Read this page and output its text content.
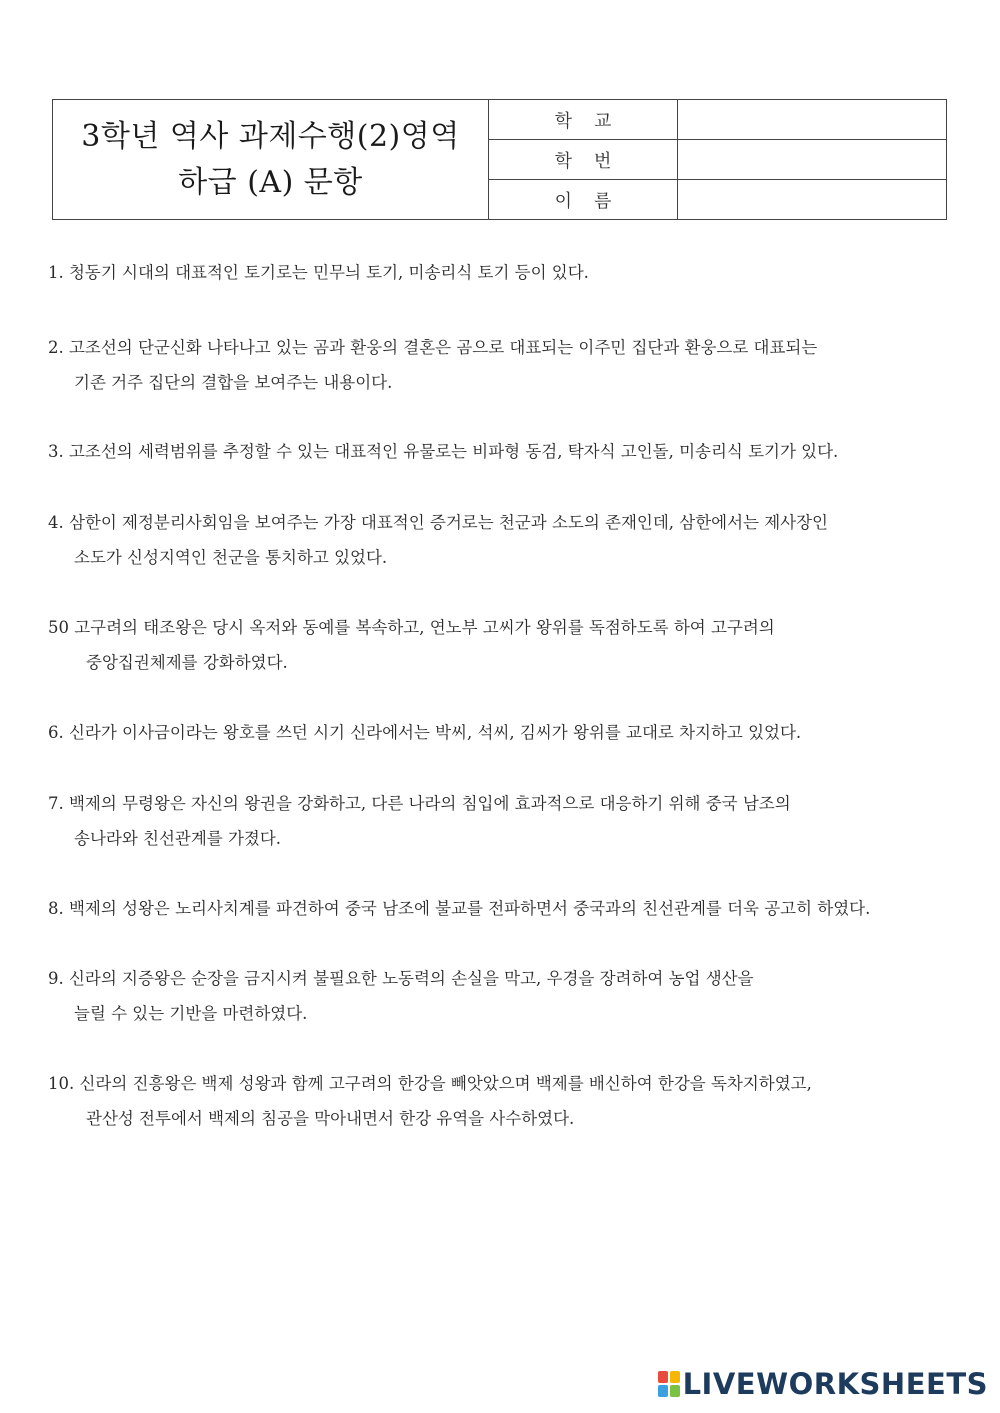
3학년 역사 과제수행(2)영역
하급 (A) 문항
학교
학번
이름
1. 청동기 시대의 대표적인 토기로는 민무늬 토기, 미송리식 토기 등이 있다.
2. 고조선의 단군신화 나타나고 있는 곰과 환웅의 결혼은 곰으로 대표되는 이주민 집단과 환웅으로 대표되는
기존 거주 집단의 결합을 보여주는 내용이다.
3. 고조선의 세력범위를 추정할 수 있는 대표적인 유물로는 비파형 동검, 탁자식 고인돌, 미송리식 토기가 있다.
4. 삼한이 제정분리사회임을 보여주는 가장 대표적인 증거로는 천군과 소도의 존재인데, 삼한에서는 제사장인
소도가 신성지역인 천군을 통치하고 있었다.
50 고구려의 태조왕은 당시 옥저와 동예를 복속하고, 연노부 고씨가 왕위를 독점하도록 하여 고구려의
중앙집권체제를 강화하였다.
6. 신라가 이사금이라는 왕호를 쓰던 시기 신라에서는 박씨, 석씨, 김씨가 왕위를 교대로 차지하고 있었다.
7. 백제의 무령왕은 자신의 왕권을 강화하고, 다른 나라의 침입에 효과적으로 대응하기 위해 중국 남조의
송나라와 친선관계를 가졌다.
8. 백제의 성왕은 노리사치계를 파견하여 중국 남조에 불교를 전파하면서 중국과의 친선관계를 더욱 공고히 하였다.
9. 신라의 지증왕은 순장을 금지시켜 불필요한 노동력의 손실을 막고, 우경을 장려하여 농업 생산을
늘릴 수 있는 기반을 마련하였다.
10. 신라의 진흥왕은 백제 성왕과 함께 고구려의 한강을 빼앗았으며 백제를 배신하여 한강을 독차지하였고,
관산성 전투에서 백제의 침공을 막아내면서 한강 유역을 사수하였다.
LIVEWORKSHEETS
